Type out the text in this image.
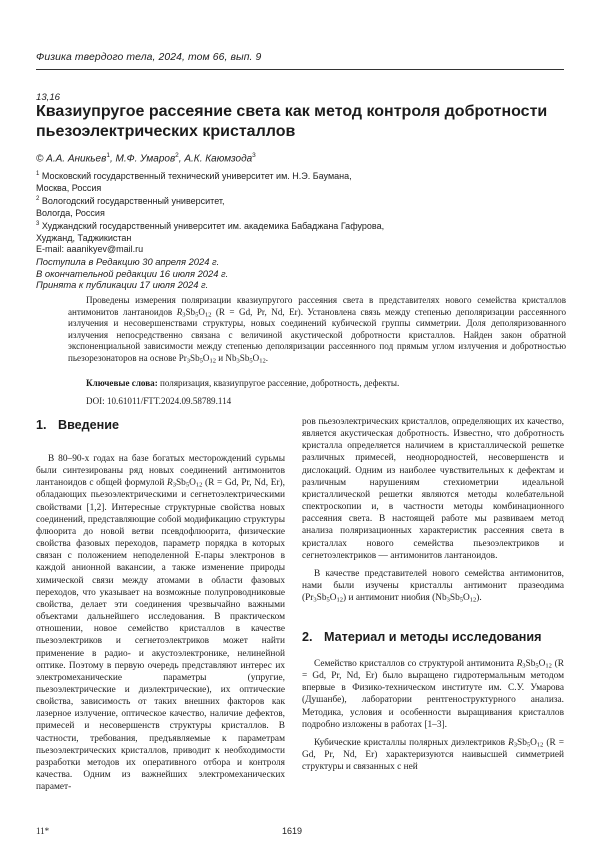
Физика твердого тела, 2024, том 66, вып. 9
13,16
Квазиупругое рассеяние света как метод контроля добротности пьезоэлектрических кристаллов
© А.А. Аникьев$^1$, М.Ф. Умаров$^2$, А.К. Каюмзода$^3$
$^1$ Московский государственный технический университет им. Н.Э. Баумана,
Москва, Россия
$^2$ Вологодский государственный университет,
Вологда, Россия
$^3$ Худжандский государственный университет им. академика Бабаджана Гафурова,
Худжанд, Таджикистан
E-mail: aaanikyev@mail.ru
Поступила в Редакцию 30 апреля 2024 г.
В окончательной редакции 16 июля 2024 г.
Принята к публикации 17 июля 2024 г.

Проведены измерения поляризации квазиупругого рассеяния света в представителях нового семейства кристаллов антимонитов лантаноидов R3Sb5O12 (R = Gd, Pr, Nd, Er). Установлена связь между степенью деполяризации рассеянного излучения и несовершенствами структуры, новых соединений кубической группы симметрии. Доля деполяризованного излучения непосредственно связана с величиной акустической добротности кристаллов. Найден закон обратной экспоненциальной зависимости между степенью деполяризации рассеянного под прямым углом излучения и добротностью пьезорезонаторов на основе Pr3Sb5O12 и Nb3Sb5O12.

Ключевые слова: поляризация, квазиупругое рассеяние, добротность, дефекты.
DOI: 10.61011/FTT.2024.09.58789.114
1. Введение

В 80–90-х годах на базе богатых месторождений сурьмы были синтезированы ряд новых соединений антимонитов лантаноидов с общей формулой $R_3Sb_5O_{12}$ (R = Gd, Pr, Nd, Er), обладающих пьезоэлектрическими и сегнетоэлектрическими свойствами [1,2]. Интересные структурные свойства новых соединений, представляющие собой модификацию структуры флюорита до новой ветви псевдофлюорита, физические свойства фазовых переходов, параметр порядка в которых связан с положением неподеленной E-пары электронов в каждой анионной вакансии, а также изменение природы химической связи между атомами в области фазовых переходов, что указывает на возможные полупроводниковые свойства, делает эти соединения чрезвычайно важными объектами дальнейшего исследования. В практическом отношении, новое семейство кристаллов в качестве пьезоэлектриков и сегнетоэлектриков может найти применение в радио- и акустоэлектронике, нелинейной оптике. Поэтому в первую очередь представляют интерес их электромеханические параметры (упругие, пьезоэлектрические и диэлектрические), их оптические свойства, зависимость от таких внешних факторов как лазерное излучение, оптическое качество, наличие дефектов, примесей и несовершенств структуры кристаллов. В частности, требования, предъявляемые к параметрам пьезоэлектрических кристаллов, приводит к необходимости разработки методов их оперативного отбора и контроля качества. Одним из важнейших электромеханических парамет-

ров пьезоэлектрических кристаллов, определяющих их качество, является акустическая добротность. Известно, что добротность кристалла определяется наличием в кристаллической решетке различных примесей, неоднородностей, несовершенств и дислокаций. Одним из наиболее чувствительных к дефектам и различным нарушениям стехиометрии идеальной кристаллической решетки являются методы колебательной спектроскопии и, в частности методы комбинационного рассеяния света. В настоящей работе мы развиваем метод анализа поляризационных характеристик рассеяния света в кристаллах нового семейства пьезоэлектриков и сегнетоэлектриков — антимонитов лантаноидов.

В качестве представителей нового семейства антимонитов, нами были изучены кристаллы антимонит празеодима $(Pr_3Sb_5O_{12})$ и антимонит ниобия $(Nb_3Sb_5O_{12})$.

2. Материал и методы исследования

Семейство кристаллов со структурой антимонита $R_3Sb_5O_{12}$ (R = Gd, Pr, Nd, Er) было выращено гидротермальным методом впервые в Физико-техническом институте им. С.У. Умарова (Душанбе), лаборатории рентгеноструктурного анализа. Методика, условия и особенности выращивания кристаллов подробно изложены в работах [1–3].

Кубические кристаллы полярных диэлектриков $R_3Sb_5O_{12}$ (R = Gd, Pr, Nd, Er) характеризуются наивысшей симметрией структуры и связанных с ней

11*	1619
